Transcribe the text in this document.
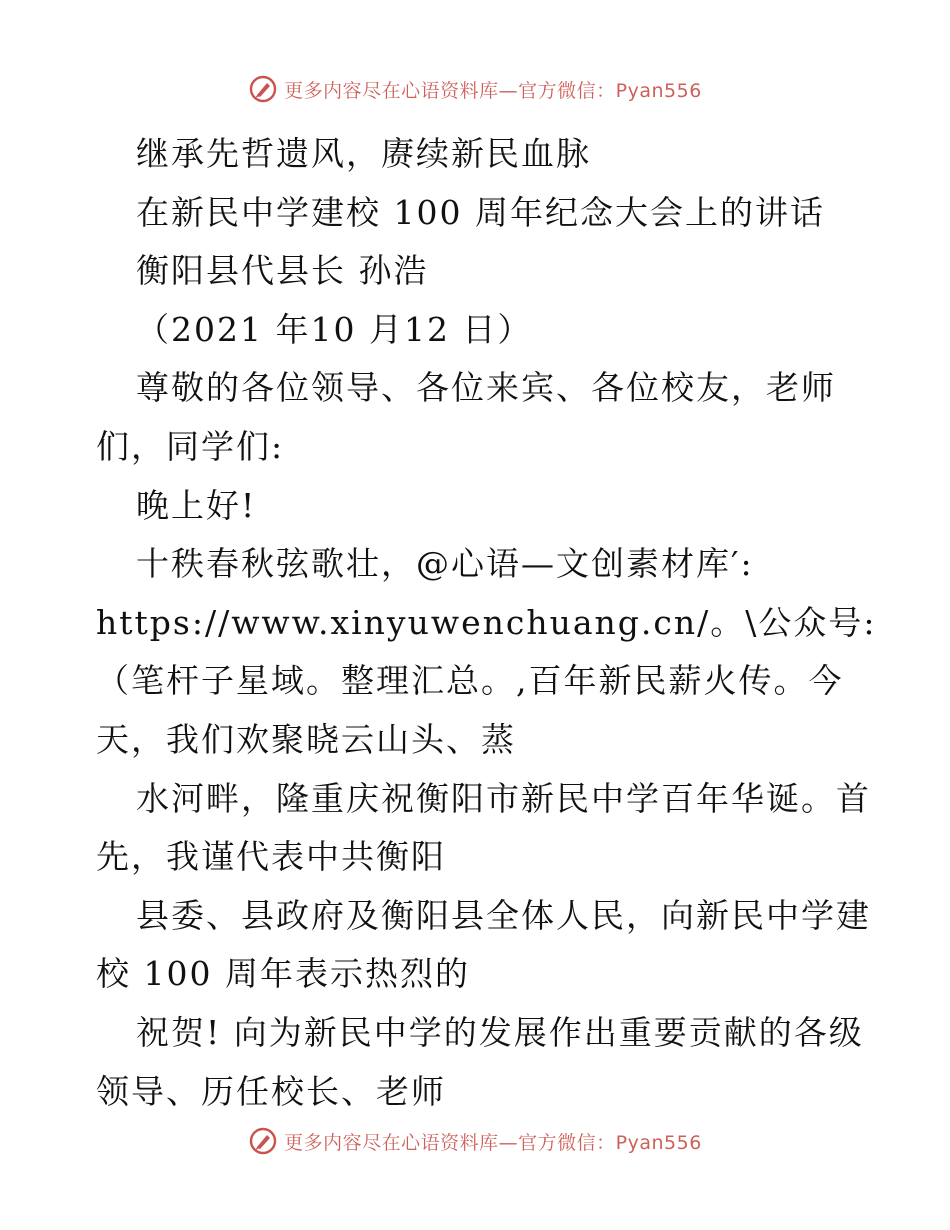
更多内容尽在心语资料库—官方微信：Pyan556
继承先哲遗风，赓续新民血脉
在新民中学建校 100 周年纪念大会上的讲话
衡阳县代县长 孙浩
（2021 年10 月12 日）
尊敬的各位领导、各位来宾、各位校友，老师
们，同学们:
晚上好!
十秩春秋弦歌壮，@心语—文创素材库′:
https://www.xinyuwenchuang.cn/。\公众号:
（笔杆子星域。整理汇总。,百年新民薪火传。今
天，我们欢聚晓云山头、蒸
水河畔，隆重庆祝衡阳市新民中学百年华诞。首
先，我谨代表中共衡阳
县委、县政府及衡阳县全体人民，向新民中学建
校 100 周年表示热烈的
祝贺! 向为新民中学的发展作出重要贡献的各级
领导、历任校长、老师
更多内容尽在心语资料库—官方微信：Pyan556
